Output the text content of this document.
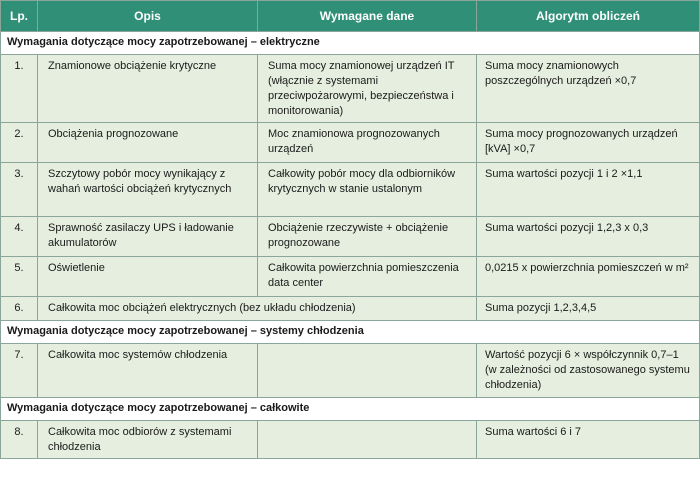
Lp.	Opis	Wymagane dane	Algorytm obliczeń
Wymagania dotyczące mocy zapotrzebowanej – elektryczne			
1.	Znamionowe obciążenie krytyczne	Suma mocy znamionowej urządzeń IT (włącznie z systemami przeciwpożarowymi, bezpieczeństwa i monitorowania)	Suma mocy znamionowych poszczególnych urządzeń ×0,7
2.	Obciążenia prognozowane	Moc znamionowa prognozowanych urządzeń	Suma mocy prognozowanych urządzeń [kVA] ×0,7
3.	Szczytowy pobór mocy wynikający z wahań wartości obciążeń krytycznych	Całkowity pobór mocy dla odbiorników krytycznych w stanie ustalonym	Suma wartości pozycji 1 i 2 ×1,1
4.	Sprawność zasilaczy UPS i ładowanie akumulatorów	Obciążenie rzeczywiste + obciążenie prognozowane	Suma wartości pozycji 1,2,3 x 0,3
5.	Oświetlenie	Całkowita powierzchnia pomieszczenia data center	0,0215 x powierzchnia pomieszczeń w m²
6.	Całkowita moc obciążeń elektrycznych (bez układu chłodzenia)		Suma pozycji 1,2,3,4,5
Wymagania dotyczące mocy zapotrzebowanej – systemy chłodzenia			
7.	Całkowita moc systemów chłodzenia		Wartość pozycji 6 × współczynnik 0,7–1 (w zależności od zastosowanego systemu chłodzenia)
Wymagania dotyczące mocy zapotrzebowanej – całkowite			
8.	Całkowita moc odbiorów z systemami chłodzenia		Suma wartości 6 i 7
